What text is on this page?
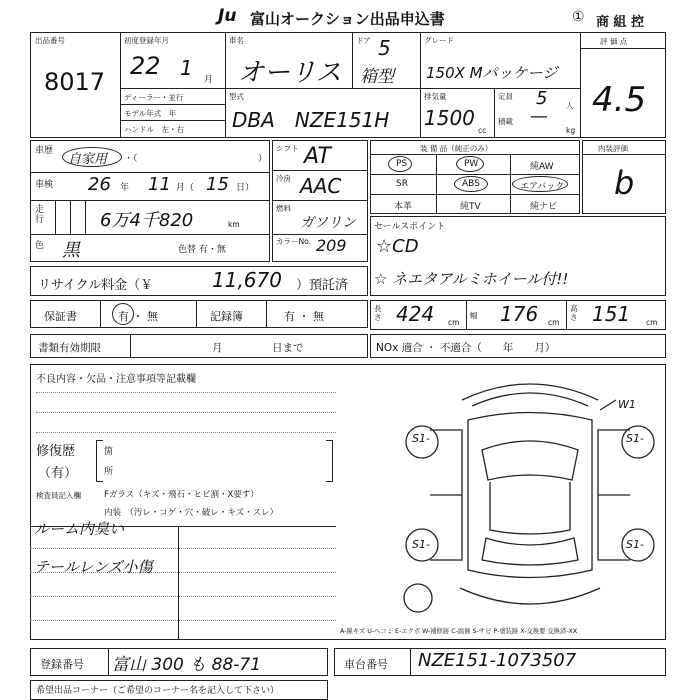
Ju 富山オークション出品申込書	① 商 組 控
出品番号
8017
初度登録年月
22 1 月
ディーラー・並行
モデル年式　年
ハンドル　左・右
車名
オーリス
ドア 5
箱型
グレード
150X Mパッケージ
評 価 点
4.5
型式
DBA　NZE151H
排気量
1500
cc
定員 5 人
積載 —
kg
車歴
自家用 ・（	）
車検 26 年 11 月（ 15 日）
走行	6万4千820	km
色 黒	色替 有・無
シフト AT
冷房 AAC
燃料
ガソリン
カラーNo. 209
装 備 品（純正のみ）
PS	PW	純AW
SR	ABS	エアバック
本革	純TV	純ナビ
内装評価
b
セールスポイント
☆CD
☆ ネエタアルミホイール付!!
リサイクル料金（￥	11,670 ）預託済
保証書	有 ・ 無	記録簿	有 ・ 無
長さ 424 cm
幅 176 cm
高さ 151 cm
書類有効期限	月	日まで	NOx 適合 ・ 不適合（　　年　　月）
不良内容・欠品・注意事項等記載欄
修復歴
（有）
箇
所
検査員記入欄	Fガラス（キズ・飛石・ヒビ割・X要す）
内装　（汚レ・コゲ・穴・破レ・キズ・スレ）
ルーム内臭い
テールレンズ小傷
S1-	S1-
S1-	S1-
W1
A-線キズ U-ヘコミ E-エクボ W-補修跡 C-腐蝕 S-サビ P-塗装跡 X-交換要 交換済-XX
登録番号 富山 300 も 88-71	車台番号 NZE151-1073507
希望出品コーナー（ご希望のコーナー名を記入して下さい）
